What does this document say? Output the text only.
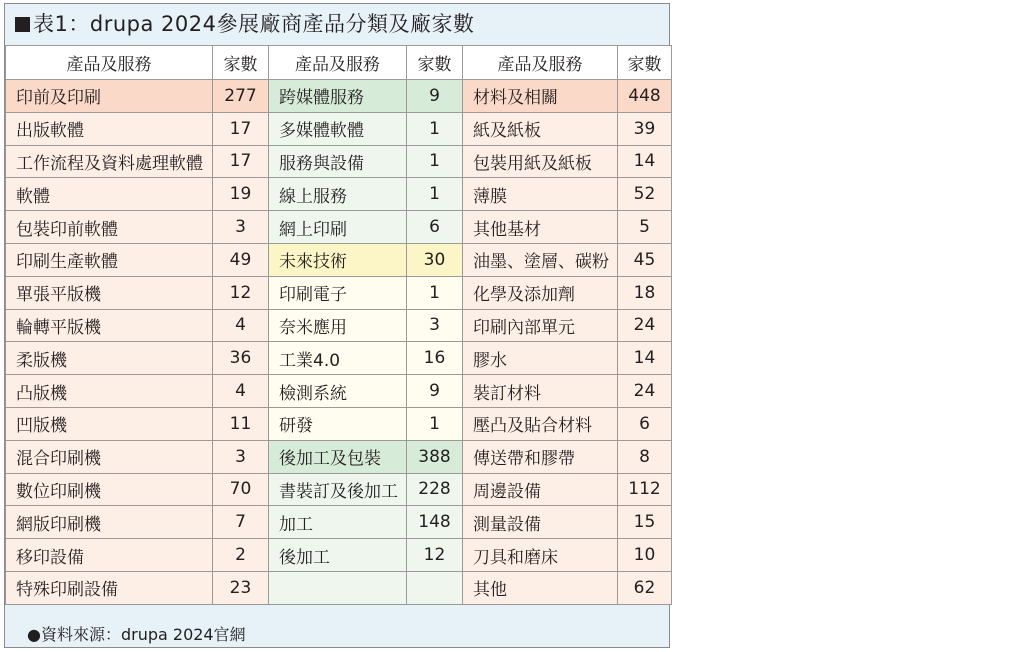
表1：drupa 2024參展廠商產品分類及廠家數
產品及服務	家數	產品及服務	家數	產品及服務	家數
印前及印刷	277	跨媒體服務	9	材料及相關	448
出版軟體	17	多媒體軟體	1	紙及紙板	39
工作流程及資料處理軟體	17	服務與設備	1	包裝用紙及紙板	14
軟體	19	線上服務	1	薄膜	52
包裝印前軟體	3	網上印刷	6	其他基材	5
印刷生產軟體	49	未來技術	30	油墨、塗層、碳粉	45
單張平版機	12	印刷電子	1	化學及添加劑	18
輪轉平版機	4	奈米應用	3	印刷內部單元	24
柔版機	36	工業4.0	16	膠水	14
凸版機	4	檢測系統	9	裝訂材料	24
凹版機	11	研發	1	壓凸及貼合材料	6
混合印刷機	3	後加工及包裝	388	傳送帶和膠帶	8
數位印刷機	70	書裝訂及後加工	228	周邊設備	112
網版印刷機	7	加工	148	測量設備	15
移印設備	2	後加工	12	刀具和磨床	10
特殊印刷設備	23			其他	62
●資料來源：drupa 2024官網
